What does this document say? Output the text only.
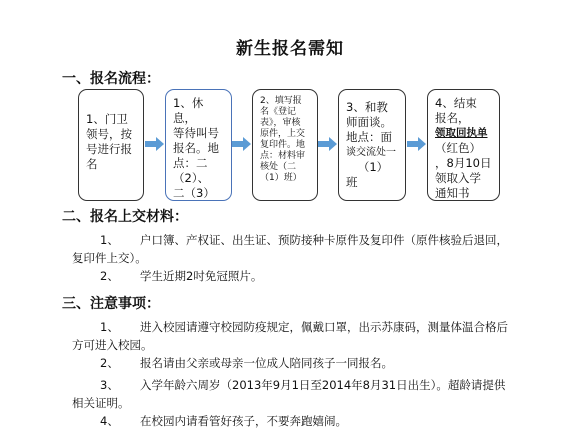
新生报名需知
一、报名流程：
1、门卫
领号，按
号进行报
名
1、休息，
等待叫号
报名。地
点：二
（2）、
二（3）
2、填写报
名《登记
表》，审核
原件，上交
复印件。地
点：材料审
核处（二
（1）班）
3、和教
师面谈。
地点：面
谈交流处一
（1）
班
4、结束
报名，
领取回执单
（红色）
，8月10日
领取入学
通知书
二、报名上交材料：
1、 户口簿、产权证、出生证、预防接种卡原件及复印件（原件核验后退回，
复印件上交）。
2、 学生近期2吋免冠照片。
三、注意事项：
1、 进入校园请遵守校园防疫规定，佩戴口罩，出示苏康码，测量体温合格后
方可进入校园。
2、 报名请由父亲或母亲一位成人陪同孩子一同报名。
3、 入学年龄六周岁（2013年9月1日至2014年8月31日出生）。超龄请提供
相关证明。
4、 在校园内请看管好孩子，不要奔跑嬉闹。
